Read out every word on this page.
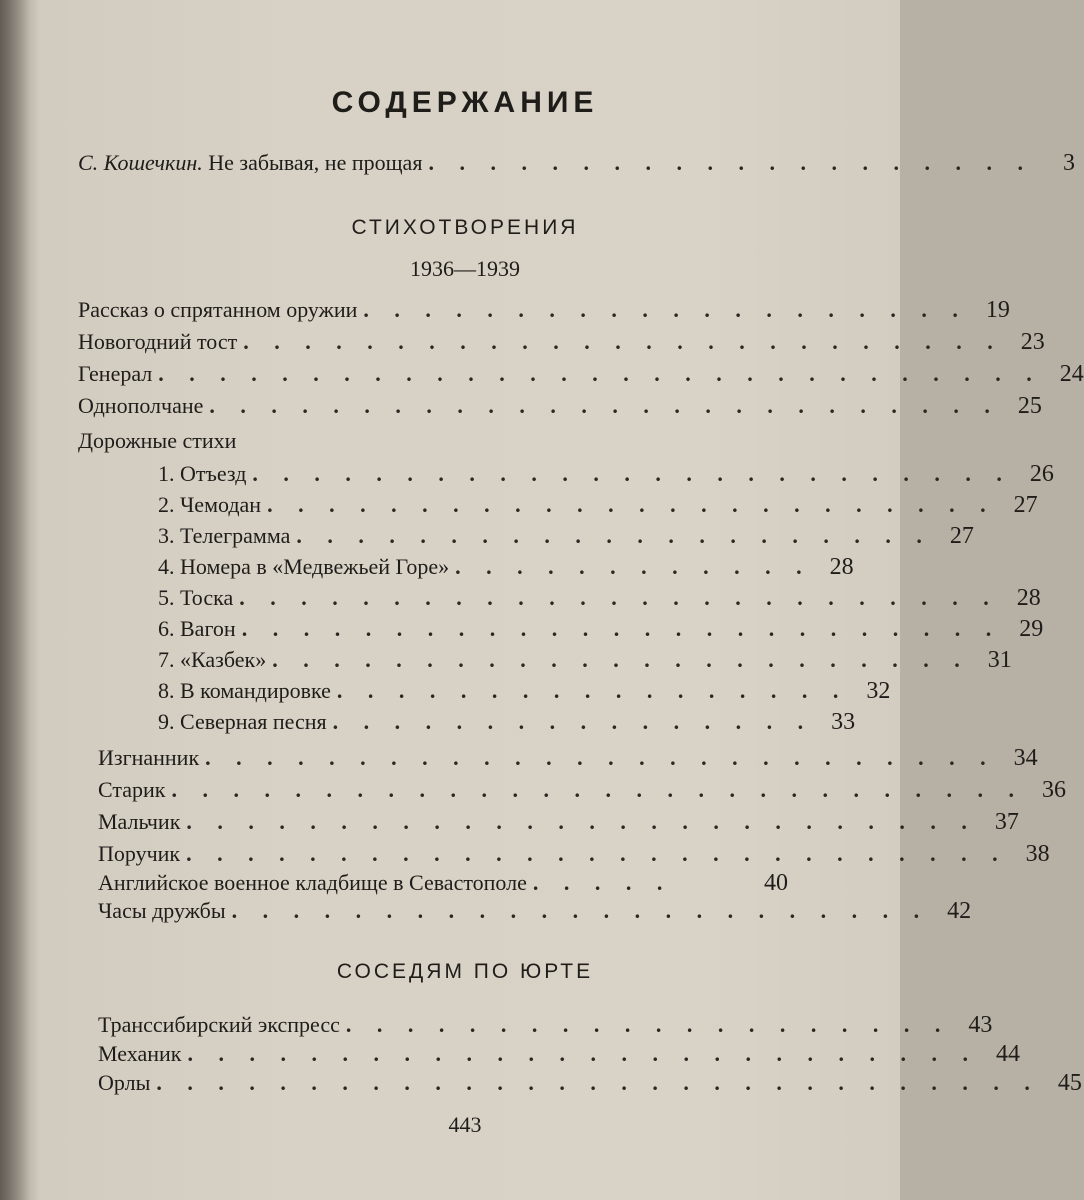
СОДЕРЖАНИЕ
С. Кошечкин. Не забывая, не прощая . . . . . . . . . . . . . . . . . . . .	3
СТИХОТВОРЕНИЯ
1936—1939
Рассказ о спрятанном оружии . . . . . . . . . . . . . . . . . . . . 19
Новогодний тост . . . . . . . . . . . . . . . . . . . . . . . . . 23
Генерал . . . . . . . . . . . . . . . . . . . . . . . . . . . . . 24
Однополчане . . . . . . . . . . . . . . . . . . . . . . . . . . 25
Дорожные стихи
1. Отъезд . . . . . . . . . . . . . . . . . . . . . . . . . 26
2. Чемодан . . . . . . . . . . . . . . . . . . . . . . . . 27
3. Телеграмма . . . . . . . . . . . . . . . . . . . . . 27
4. Номера в «Медвежьей Горе» . . . . . . . . . . . . 28
5. Тоска . . . . . . . . . . . . . . . . . . . . . . . . . 28
6. Вагон . . . . . . . . . . . . . . . . . . . . . . . . . 29
7. «Казбек» . . . . . . . . . . . . . . . . . . . . . . . 31
8. В командировке . . . . . . . . . . . . . . . . . 32
9. Северная песня . . . . . . . . . . . . . . . . 33
Изгнанник . . . . . . . . . . . . . . . . . . . . . . . . . . 34
Старик . . . . . . . . . . . . . . . . . . . . . . . . . . . . 36
Мальчик . . . . . . . . . . . . . . . . . . . . . . . . . . 37
Поручик . . . . . . . . . . . . . . . . . . . . . . . . . . . 38
Английское военное кладбище в Севастополе . . . . .	40
Часы дружбы . . . . . . . . . . . . . . . . . . . . . . . 42
СОСЕДЯМ ПО ЮРТЕ
Транссибирский экспресс . . . . . . . . . . . . . . . . . . . . 43
Механик . . . . . . . . . . . . . . . . . . . . . . . . . . 44
Орлы . . . . . . . . . . . . . . . . . . . . . . . . . . . . . 45
443
